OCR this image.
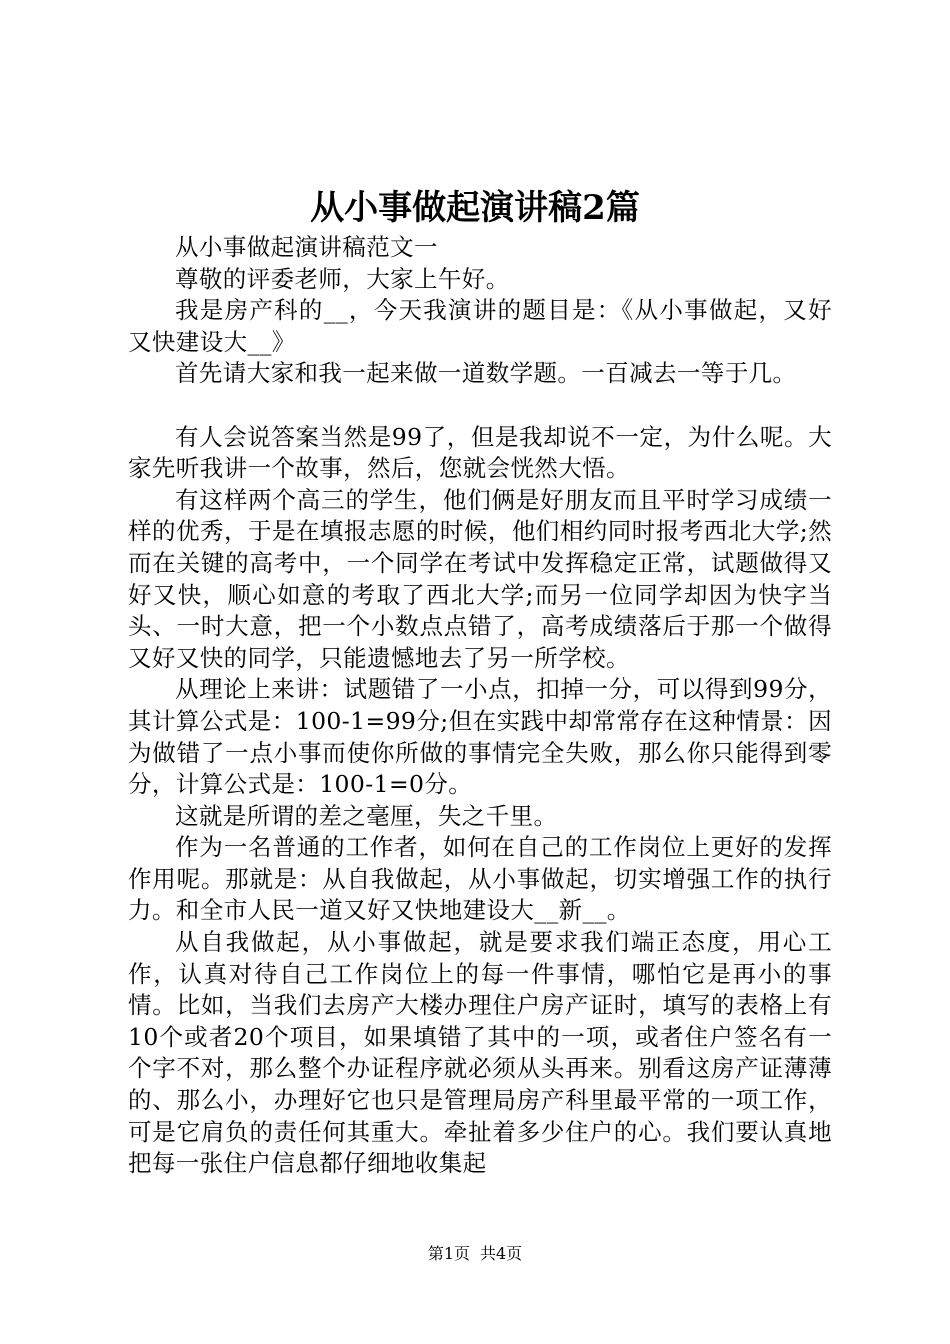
从小事做起演讲稿2篇

从小事做起演讲稿范文一

尊敬的评委老师，大家上午好。

我是房产科的__，今天我演讲的题目是：《从小事做起，又好又快建设大__》

首先请大家和我一起来做一道数学题。一百减去一等于几。

有人会说答案当然是99了，但是我却说不一定，为什么呢。大家先听我讲一个故事，然后，您就会恍然大悟。

有这样两个高三的学生，他们俩是好朋友而且平时学习成绩一样的优秀，于是在填报志愿的时候，他们相约同时报考西北大学;然而在关键的高考中，一个同学在考试中发挥稳定正常，试题做得又好又快，顺心如意的考取了西北大学;而另一位同学却因为快字当头、一时大意，把一个小数点点错了，高考成绩落后于那一个做得又好又快的同学，只能遗憾地去了另一所学校。

从理论上来讲：试题错了一小点，扣掉一分，可以得到99分，其计算公式是：100-1=99分;但在实践中却常常存在这种情景：因为做错了一点小事而使你所做的事情完全失败，那么你只能得到零分，计算公式是：100-1=0分。

这就是所谓的差之毫厘，失之千里。

作为一名普通的工作者，如何在自己的工作岗位上更好的发挥作用呢。那就是：从自我做起，从小事做起，切实增强工作的执行力。和全市人民一道又好又快地建设大__新__。

从自我做起，从小事做起，就是要求我们端正态度，用心工作，认真对待自己工作岗位上的每一件事情，哪怕它是再小的事情。比如，当我们去房产大楼办理住户房产证时，填写的表格上有10个或者20个项目，如果填错了其中的一项，或者住户签名有一个字不对，那么整个办证程序就必须从头再来。别看这房产证薄薄的、那么小，办理好它也只是管理局房产科里最平常的一项工作，可是它肩负的责任何其重大。牵扯着多少住户的心。我们要认真地把每一张住户信息都仔细地收集起

第1页 共4页
